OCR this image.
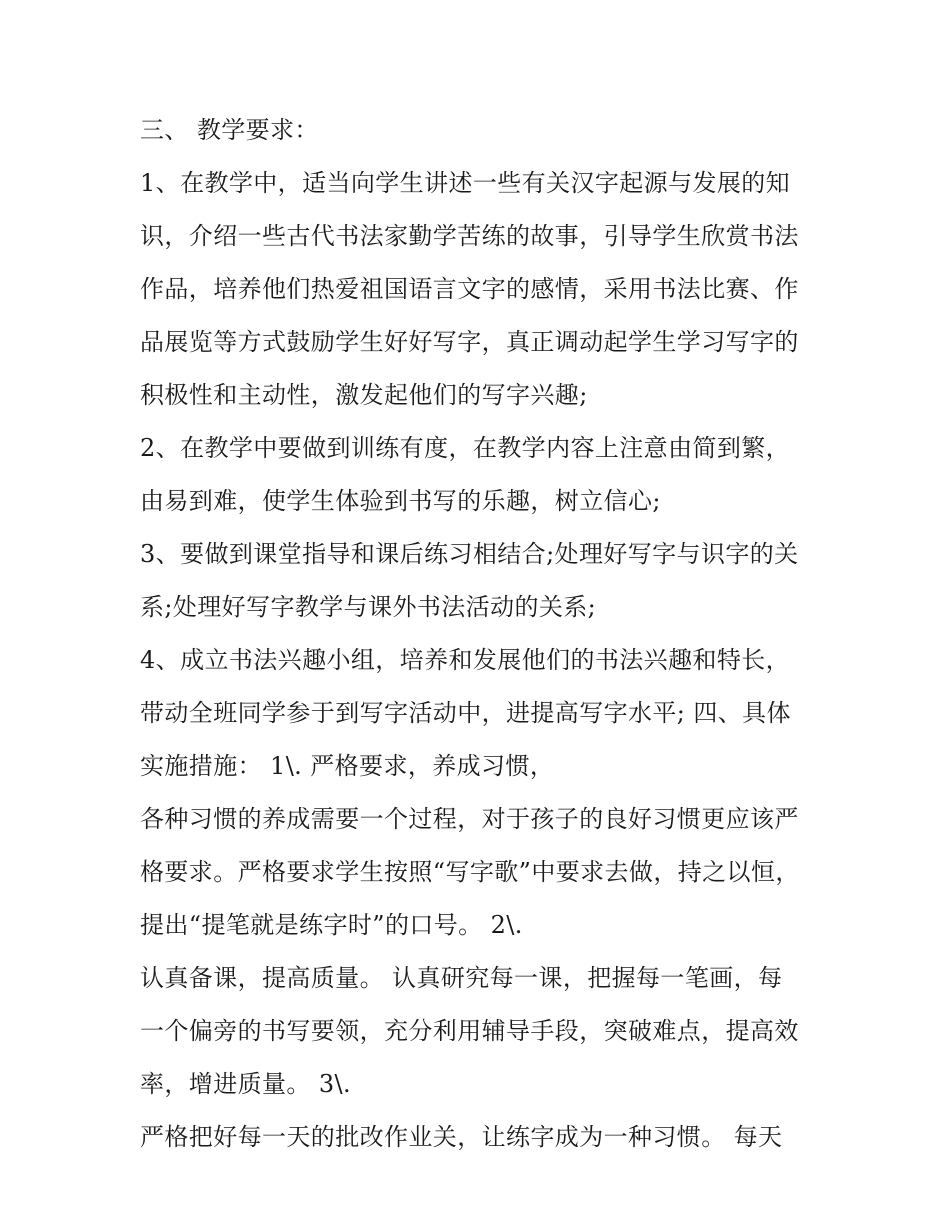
三、 教学要求：
1、在教学中，适当向学生讲述一些有关汉字起源与发展的知
识，介绍一些古代书法家勤学苦练的故事，引导学生欣赏书法
作品，培养他们热爱祖国语言文字的感情，采用书法比赛、作
品展览等方式鼓励学生好好写字，真正调动起学生学习写字的
积极性和主动性，激发起他们的写字兴趣;
2、在教学中要做到训练有度，在教学内容上注意由简到繁，
由易到难，使学生体验到书写的乐趣，树立信心;
3、要做到课堂指导和课后练习相结合;处理好写字与识字的关
系;处理好写字教学与课外书法活动的关系;
4、成立书法兴趣小组，培养和发展他们的书法兴趣和特长，
带动全班同学参于到写字活动中，进提高写字水平; 四、具体
实施措施： 1\. 严格要求，养成习惯，
各种习惯的养成需要一个过程，对于孩子的良好习惯更应该严
格要求。严格要求学生按照“写字歌”中要求去做，持之以恒，
提出“提笔就是练字时”的口号。 2\.
认真备课，提高质量。 认真研究每一课，把握每一笔画，每
一个偏旁的书写要领，充分利用辅导手段，突破难点，提高效
率，增进质量。 3\.
严格把好每一天的批改作业关，让练字成为一种习惯。 每天
